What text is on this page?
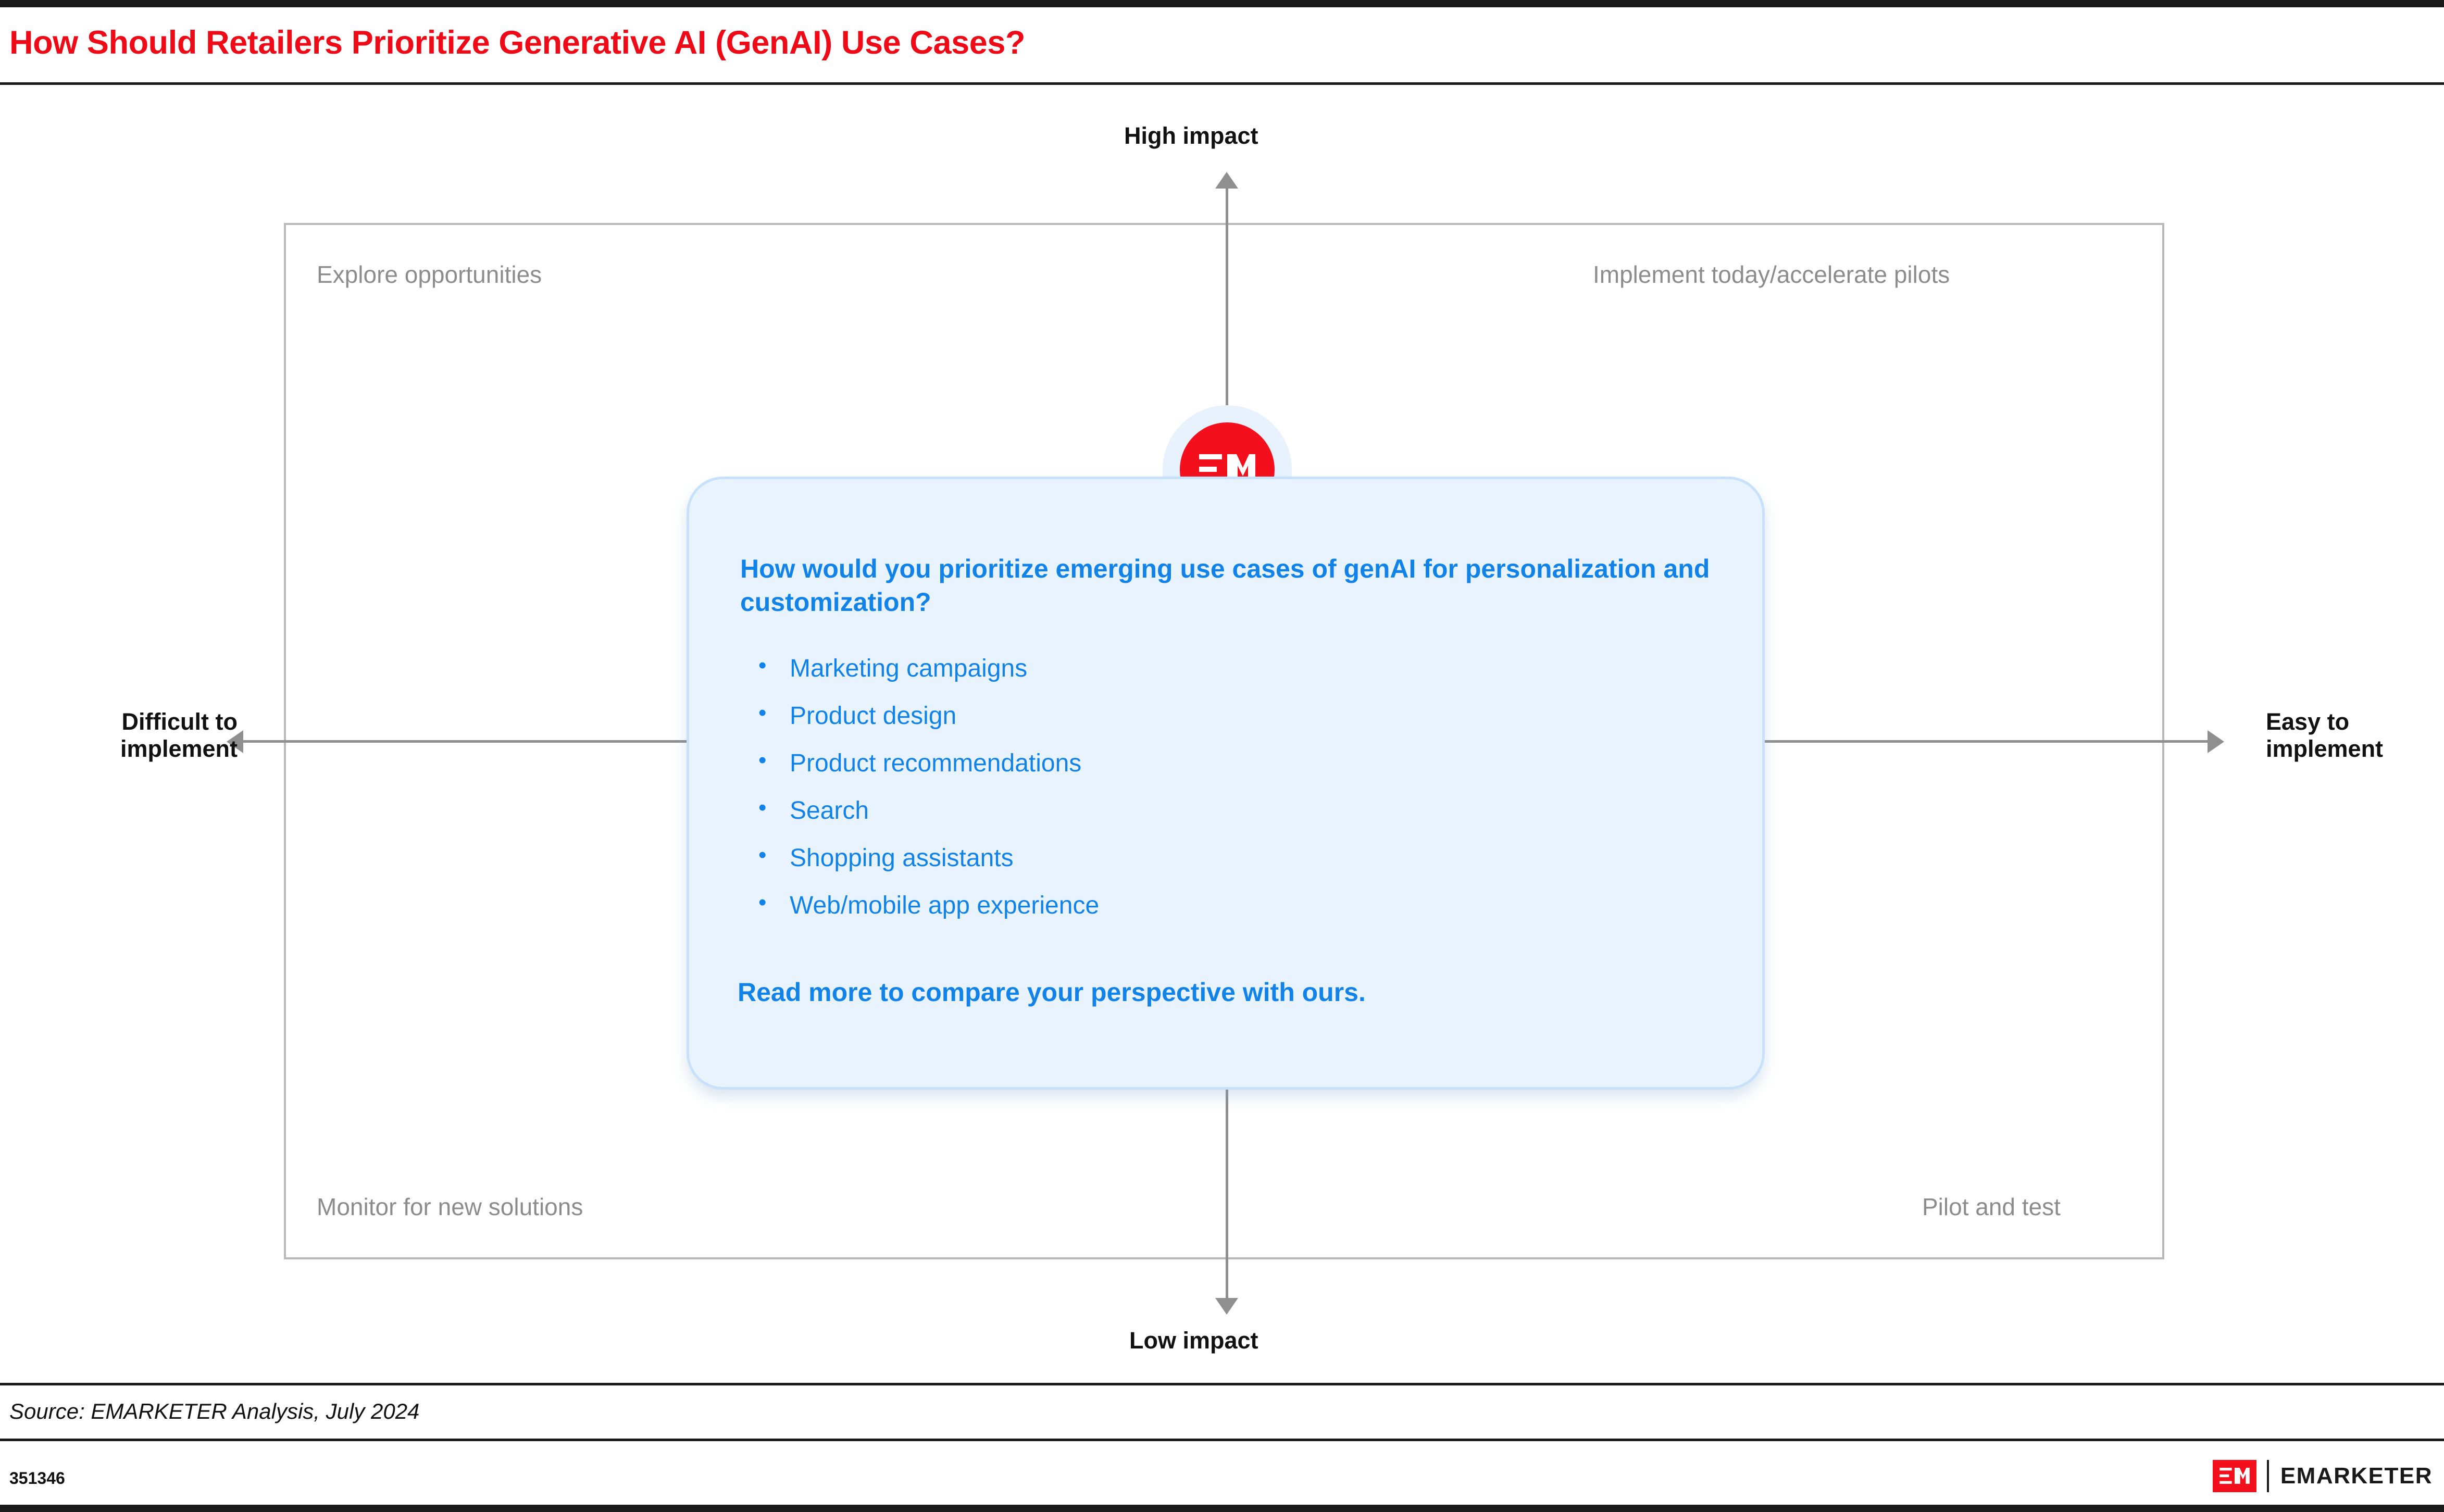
How Should Retailers Prioritize Generative AI (GenAI) Use Cases?
High impact
Low impact
Difficult to implement
Easy to implement
Explore opportunities	Implement today/accelerate pilots
Monitor for new solutions	Pilot and test
How would you prioritize emerging use cases of genAI for personalization and customization?
• Marketing campaigns
• Product design
• Product recommendations
• Search
• Shopping assistants
• Web/mobile app experience
Read more to compare your perspective with ours.
Source: EMARKETER Analysis, July 2024
351346	EMARKETER
